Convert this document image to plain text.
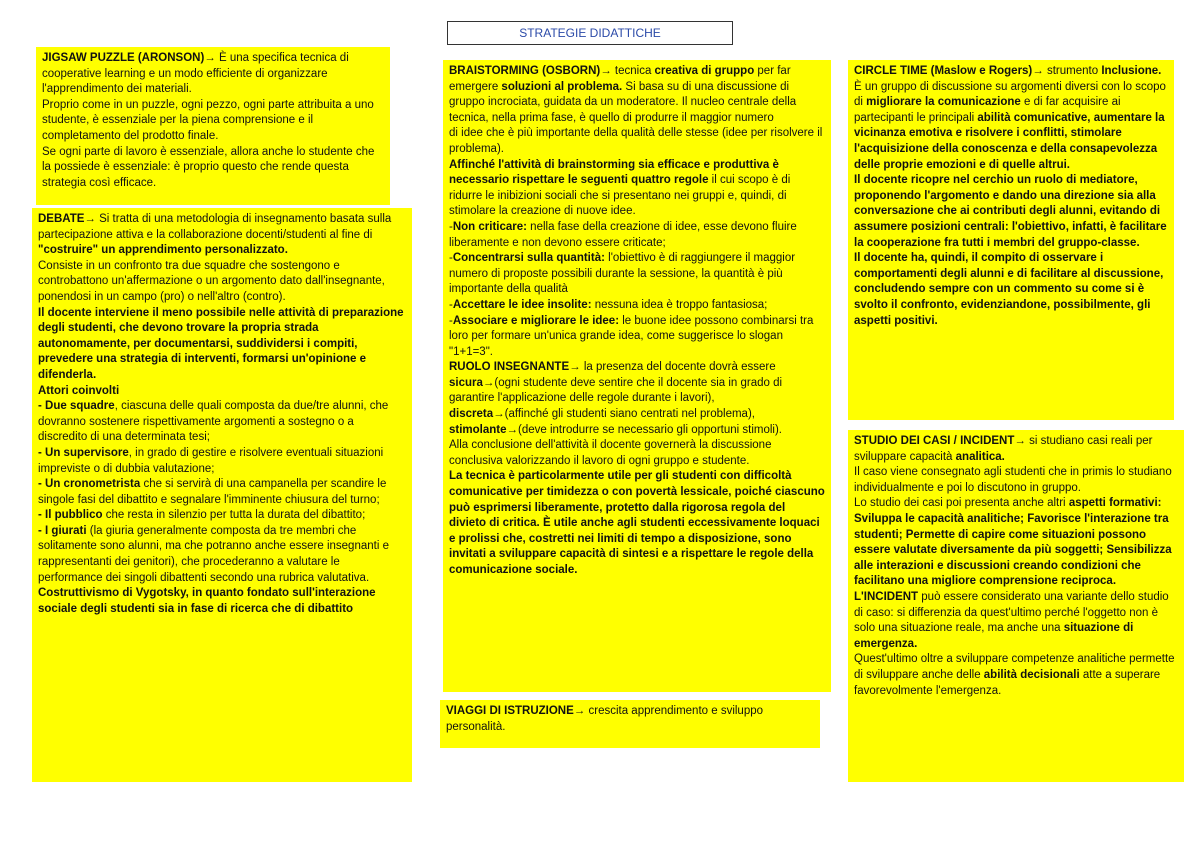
STRATEGIE DIDATTICHE

JIGSAW PUZZLE (ARONSON)→ È una specifica tecnica di cooperative learning e un modo efficiente di organizzare l'apprendimento dei materiali.

Proprio come in un puzzle, ogni pezzo, ogni parte attribuita a uno studente, è essenziale per la piena comprensione e il completamento del prodotto finale.

Se ogni parte di lavoro è essenziale, allora anche lo studente che la possiede è essenziale: è proprio questo che rende questa strategia così efficace.

DEBATE→ Si tratta di una metodologia di insegnamento basata sulla partecipazione attiva e la collaborazione docenti/studenti al fine di "costruire" un apprendimento personalizzato.

Consiste in un confronto tra due squadre che sostengono e controbattono un'affermazione o un argomento dato dall'insegnante, ponendosi in un campo (pro) o nell'altro (contro).

Il docente interviene il meno possibile nelle attività di preparazione degli studenti, che devono trovare la propria strada autonomamente, per documentarsi, suddividersi i compiti, prevedere una strategia di interventi, formarsi un'opinione e difenderla.

Attori coinvolti

- Due squadre, ciascuna delle quali composta da due/tre alunni, che dovranno sostenere rispettivamente argomenti a sostegno o a discredito di una determinata tesi;

- Un supervisore, in grado di gestire e risolvere eventuali situazioni impreviste o di dubbia valutazione;

- Un cronometrista che si servirà di una campanella per scandire le singole fasi del dibattito e segnalare l'imminente chiusura del turno;

- Il pubblico che resta in silenzio per tutta la durata del dibattito;

- I giurati (la giuria generalmente composta da tre membri che solitamente sono alunni, ma che potranno anche essere insegnanti e rappresentanti dei genitori), che procederanno a valutare le performance dei singoli dibattenti secondo una rubrica valutativa.

Costruttivismo di Vygotsky, in quanto fondato sull'interazione sociale degli studenti sia in fase di ricerca che di dibattito

BRAISTORMING (OSBORN)→ tecnica creativa di gruppo per far emergere soluzioni al problema. Si basa su di una discussione di gruppo incrociata, guidata da un moderatore. Il nucleo centrale della tecnica, nella prima fase, è quello di produrre il maggior numero

di idee che è più importante della qualità delle stesse (idee per risolvere il problema).

Affinché l'attività di brainstorming sia efficace e produttiva è necessario rispettare le seguenti quattro regole il cui scopo è di ridurre le inibizioni sociali che si presentano nei gruppi e, quindi, di stimolare la creazione di nuove idee.

-Non criticare: nella fase della creazione di idee, esse devono fluire liberamente e non devono essere criticate;

-Concentrarsi sulla quantità: l'obiettivo è di raggiungere il maggior numero di proposte possibili durante la sessione, la quantità è più importante della qualità

-Accettare le idee insolite: nessuna idea è troppo fantasiosa;

-Associare e migliorare le idee: le buone idee possono combinarsi tra loro per formare un'unica grande idea, come suggerisce lo slogan "1+1=3".

RUOLO INSEGNANTE→ la presenza del docente dovrà essere sicura→(ogni studente deve sentire che il docente sia in grado di garantire l'applicazione delle regole durante i lavori),

discreta→(affinché gli studenti siano centrati nel problema),

stimolante→(deve introdurre se necessario gli opportuni stimoli).

Alla conclusione dell'attività il docente governerà la discussione conclusiva valorizzando il lavoro di ogni gruppo e studente.

La tecnica è particolarmente utile per gli studenti con difficoltà comunicative per timidezza o con povertà lessicale, poiché ciascuno può esprimersi liberamente, protetto dalla rigorosa regola del divieto di critica. È utile anche agli studenti eccessivamente loquaci e prolissi che, costretti nei limiti di tempo a disposizione, sono invitati a sviluppare capacità di sintesi e a rispettare le regole della comunicazione sociale.

VIAGGI DI ISTRUZIONE→ crescita apprendimento e sviluppo personalità.

CIRCLE TIME (Maslow e Rogers)→ strumento Inclusione.

È un gruppo di discussione su argomenti diversi con lo scopo di migliorare la comunicazione e di far acquisire ai partecipanti le principali abilità comunicative, aumentare la vicinanza emotiva e risolvere i conflitti, stimolare l'acquisizione della conoscenza e della consapevolezza delle proprie emozioni e di quelle altrui.

Il docente ricopre nel cerchio un ruolo di mediatore, proponendo l'argomento e dando una direzione sia alla conversazione che ai contributi degli alunni, evitando di assumere posizioni centrali: l'obiettivo, infatti, è facilitare la cooperazione fra tutti i membri del gruppo-classe.

Il docente ha, quindi, il compito di osservare i comportamenti degli alunni e di facilitare al discussione, concludendo sempre con un commento su come si è svolto il confronto, evidenziandone, possibilmente, gli aspetti positivi.

STUDIO DEI CASI / INCIDENT→ si studiano casi reali per sviluppare capacità analitica.

Il caso viene consegnato agli studenti che in primis lo studiano individualmente e poi lo discutono in gruppo.

Lo studio dei casi poi presenta anche altri aspetti formativi:

Sviluppa le capacità analitiche; Favorisce l'interazione tra studenti; Permette di capire come situazioni possono essere valutate diversamente da più soggetti; Sensibilizza alle interazioni e discussioni creando condizioni che facilitano una migliore comprensione reciproca.

L'INCIDENT può essere considerato una variante dello studio di caso: si differenzia da quest'ultimo perché l'oggetto non è solo una situazione reale, ma anche una situazione di emergenza.

Quest'ultimo oltre a sviluppare competenze analitiche permette di sviluppare anche delle abilità decisionali atte a superare favorevolmente l'emergenza.
